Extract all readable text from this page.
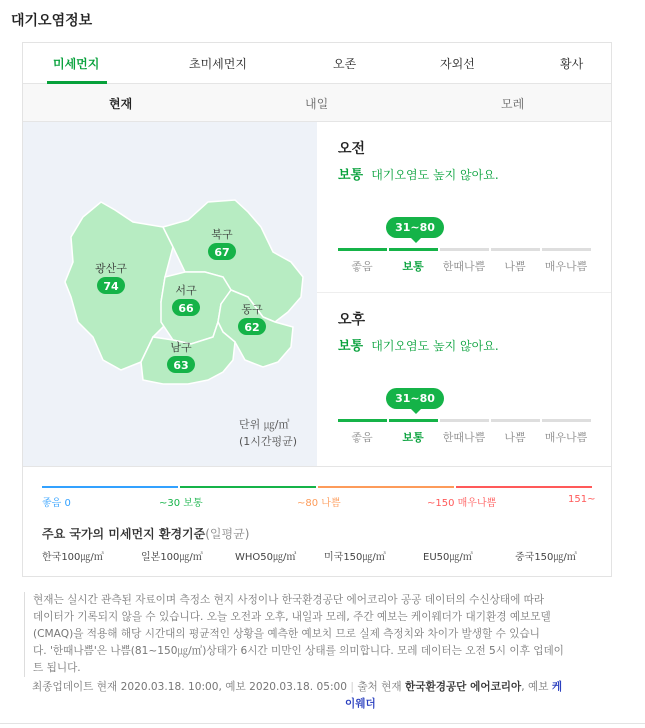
대기오염정보
미세먼지	초미세먼지	오존	자외선	황사
현재	내일	모레
광산구
74
북구
67
서구
66	동구
62
남구
63
단위 ㎍/㎥
(1시간평균)
오전
보통 대기오염도 높지 않아요.
31~80
좋음	보통	한때나쁨	나쁨	매우나쁨
오후
보통 대기오염도 높지 않아요.
31~80
좋음	보통	한때나쁨	나쁨	매우나쁨
좋음 0	~30 보통	~80 나쁨	~150 매우나쁨	151~
주요 국가의 미세먼지 환경기준(일평균)
한국100㎍/㎥	일본100㎍/㎥	WHO50㎍/㎥	미국150㎍/㎥	EU50㎍/㎥	중국150㎍/㎥
현재는 실시간 관측된 자료이며 측정소 현지 사정이나 한국환경공단 에어코리아 공공 데이터의 수신상태에 따라
데이터가 기록되지 않을 수 있습니다. 오늘 오전과 오후, 내일과 모레, 주간 예보는 케이웨더가 대기환경 예보모델
(CMAQ)을 적용해 해당 시간대의 평균적인 상황을 예측한 예보치 므로 실제 측정치와 차이가 발생할 수 있습니
다. '한때나쁨'은 나쁨(81~150㎍/㎥)상태가 6시간 미만인 상태를 의미합니다. 모레 데이터는 오전 5시 이후 업데이
트 됩니다.
최종업데이트 현재 2020.03.18. 10:00, 예보 2020.03.18. 05:00 | 출처 현재 한국환경공단 에어코리아, 예보 케
이웨더
